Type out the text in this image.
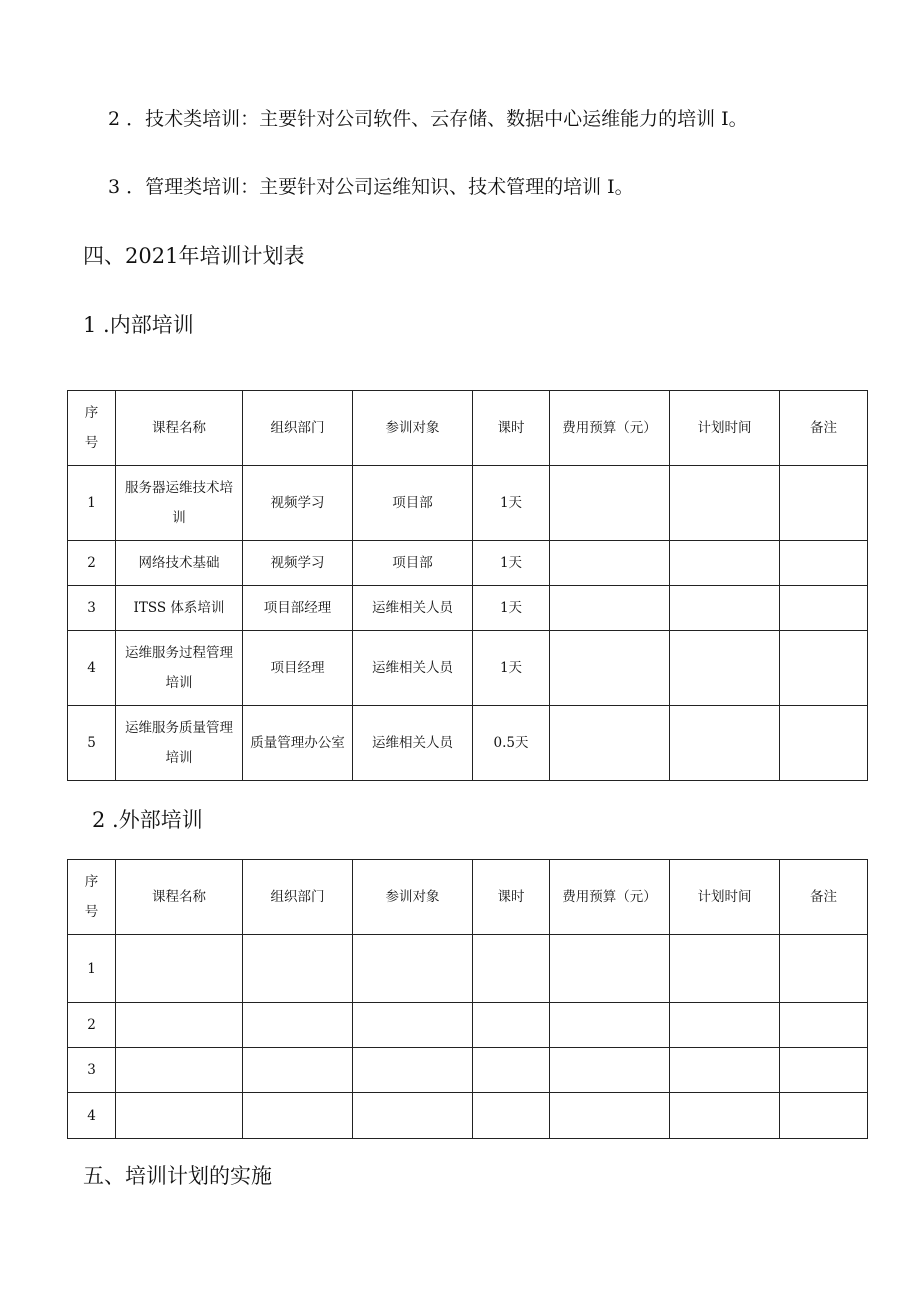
2 ．技术类培训：主要针对公司软件、云存储、数据中心运维能力的培训 I。
3 ．管理类培训：主要针对公司运维知识、技术管理的培训 I。
四、2021年培训计划表
1 .内部培训
序
号	课程名称	组织部门	参训对象	课时	费用预算（元）	计划时间	备注
1	服务器运维技术培
训	视频学习	项目部	1天			
2	网络技术基础	视频学习	项目部	1天			
3	ITSS 体系培训	项目部经理	运维相关人员	1天			
4	运维服务过程管理
培训	项目经理	运维相关人员	1天			
5	运维服务质量管理
培训	质量管理办公室	运维相关人员	0.5天			
2 .外部培训
序
号	课程名称	组织部门	参训对象	课时	费用预算（元）	计划时间	备注
1							
2							
3							
4							
五、培训计划的实施
